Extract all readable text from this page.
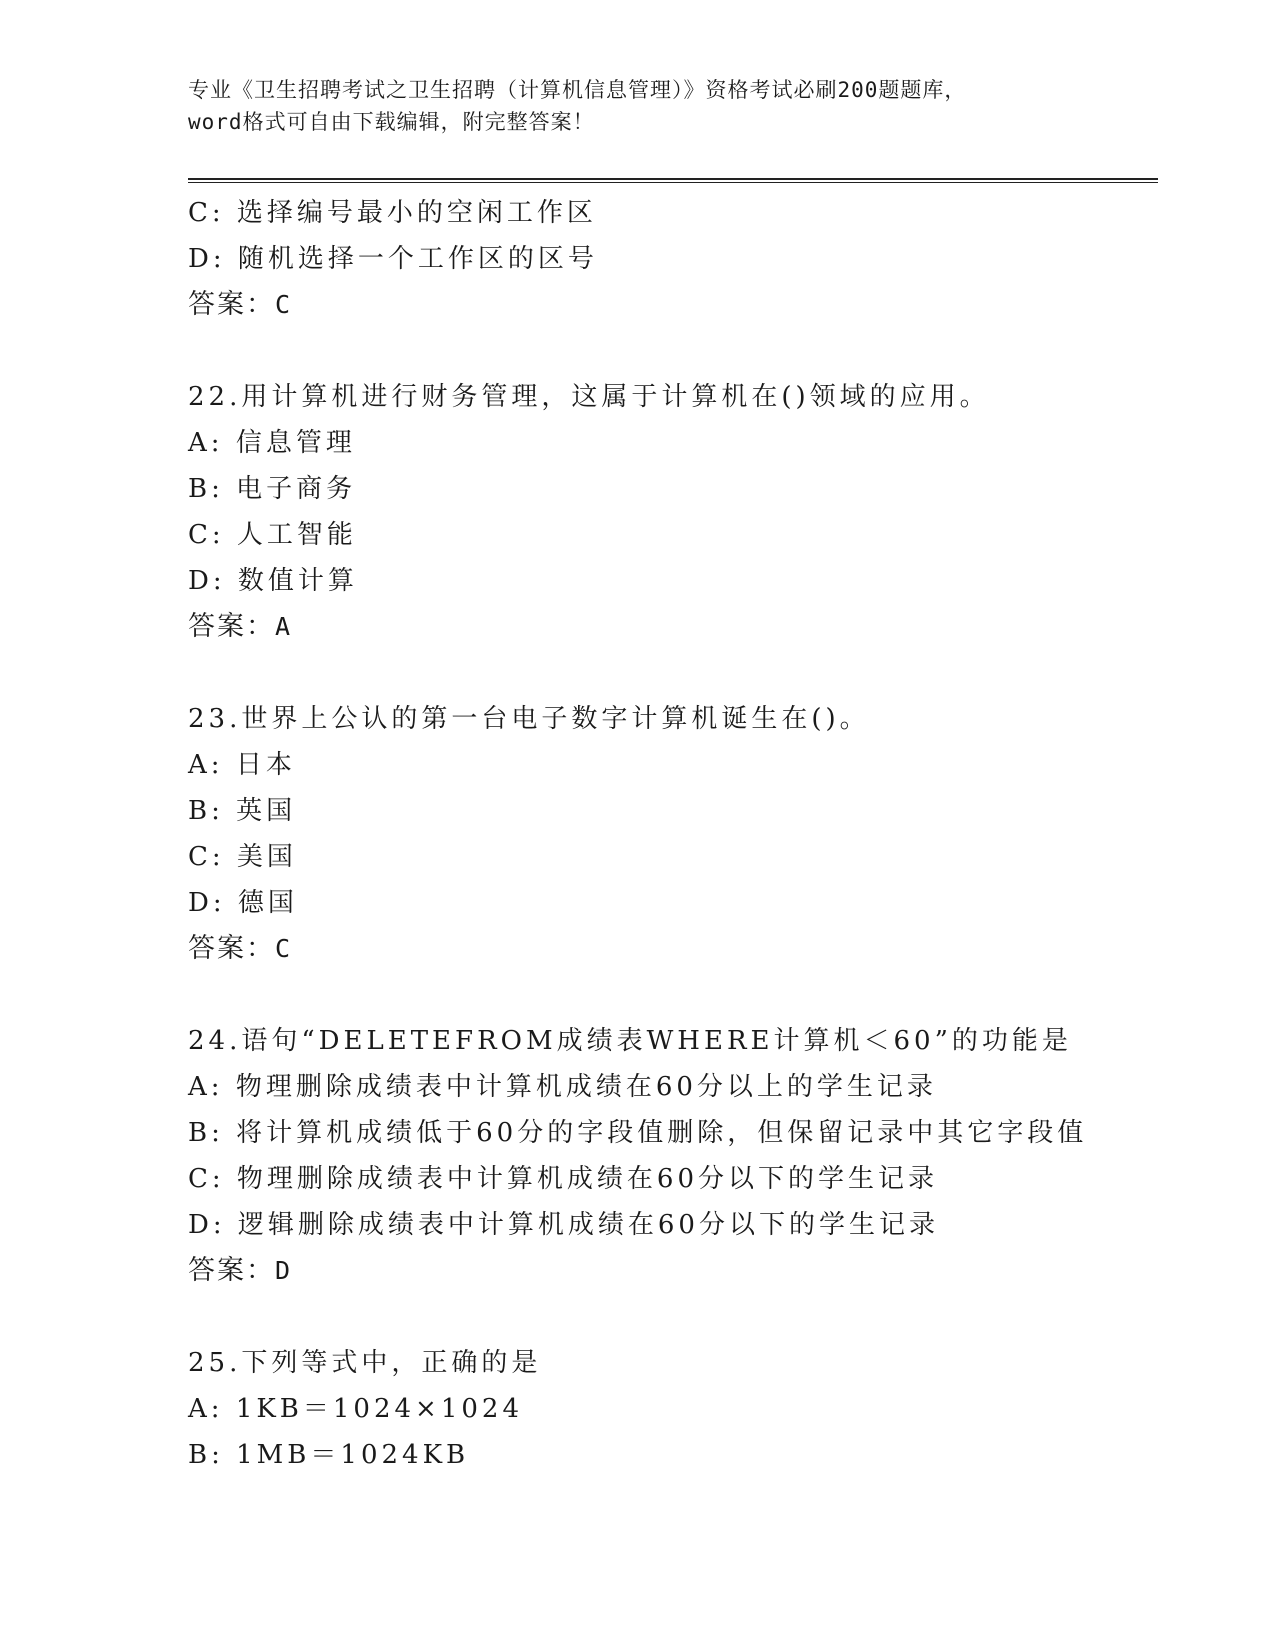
专业《卫生招聘考试之卫生招聘（计算机信息管理）》资格考试必刷200题题库，
word格式可自由下载编辑，附完整答案！
C: 选择编号最小的空闲工作区
D: 随机选择一个工作区的区号
答案：C
22.用计算机进行财务管理，这属于计算机在()领域的应用。
A: 信息管理
B: 电子商务
C: 人工智能
D: 数值计算
答案：A
23.世界上公认的第一台电子数字计算机诞生在()。
A: 日本
B: 英国
C: 美国
D: 德国
答案：C
24.语句“DELETEFROM成绩表WHERE计算机＜60”的功能是
A: 物理删除成绩表中计算机成绩在60分以上的学生记录
B: 将计算机成绩低于60分的字段值删除，但保留记录中其它字段值
C: 物理删除成绩表中计算机成绩在60分以下的学生记录
D: 逻辑删除成绩表中计算机成绩在60分以下的学生记录
答案：D
25.下列等式中，正确的是
A: 1KB＝1024×1024
B: 1MB＝1024KB
